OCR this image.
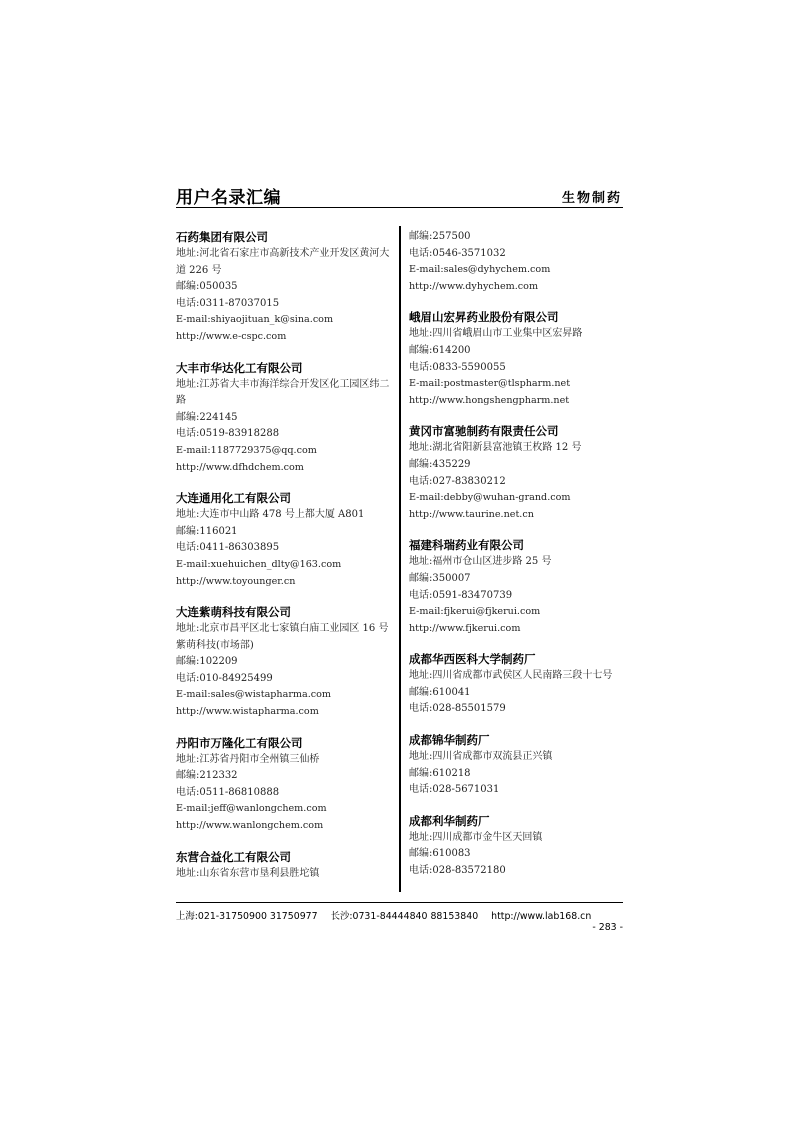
用户名录汇编	生物制药
石药集团有限公司
地址:河北省石家庄市高新技术产业开发区黄河大道 226 号
邮编:050035
电话:0311-87037015
E-mail:shiyaojituan_k@sina.com
http://www.e-cspc.com
大丰市华达化工有限公司
地址:江苏省大丰市海洋综合开发区化工园区纬二路
邮编:224145
电话:0519-83918288
E-mail:1187729375@qq.com
http://www.dfhdchem.com
大连通用化工有限公司
地址:大连市中山路 478 号上都大厦 A801
邮编:116021
电话:0411-86303895
E-mail:xuehuichen_dlty@163.com
http://www.toyounger.cn
大连紫萌科技有限公司
地址:北京市昌平区北七家镇白庙工业园区 16 号紫萌科技(市场部)
邮编:102209
电话:010-84925499
E-mail:sales@wistapharma.com
http://www.wistapharma.com
丹阳市万隆化工有限公司
地址:江苏省丹阳市全州镇三仙桥
邮编:212332
电话:0511-86810888
E-mail:jeff@wanlongchem.com
http://www.wanlongchem.com
东营合益化工有限公司
地址:山东省东营市垦利县胜坨镇
邮编:257500
电话:0546-3571032
E-mail:sales@dyhychem.com
http://www.dyhychem.com
峨眉山宏昇药业股份有限公司
地址:四川省峨眉山市工业集中区宏昇路
邮编:614200
电话:0833-5590055
E-mail:postmaster@tlspharm.net
http://www.hongshengpharm.net
黄冈市富驰制药有限责任公司
地址:湖北省阳新县富池镇王枚路 12 号
邮编:435229
电话:027-83830212
E-mail:debby@wuhan-grand.com
http://www.taurine.net.cn
福建科瑞药业有限公司
地址:福州市仓山区进步路 25 号
邮编:350007
电话:0591-83470739
E-mail:fjkerui@fjkerui.com
http://www.fjkerui.com
成都华西医科大学制药厂
地址:四川省成都市武侯区人民南路三段十七号
邮编:610041
电话:028-85501579
成都锦华制药厂
地址:四川省成都市双流县正兴镇
邮编:610218
电话:028-5671031
成都利华制药厂
地址:四川成都市金牛区天回镇
邮编:610083
电话:028-83572180
上海:021-31750900 31750977 长沙:0731-84444840 88153840 http://www.lab168.cn
- 283 -
